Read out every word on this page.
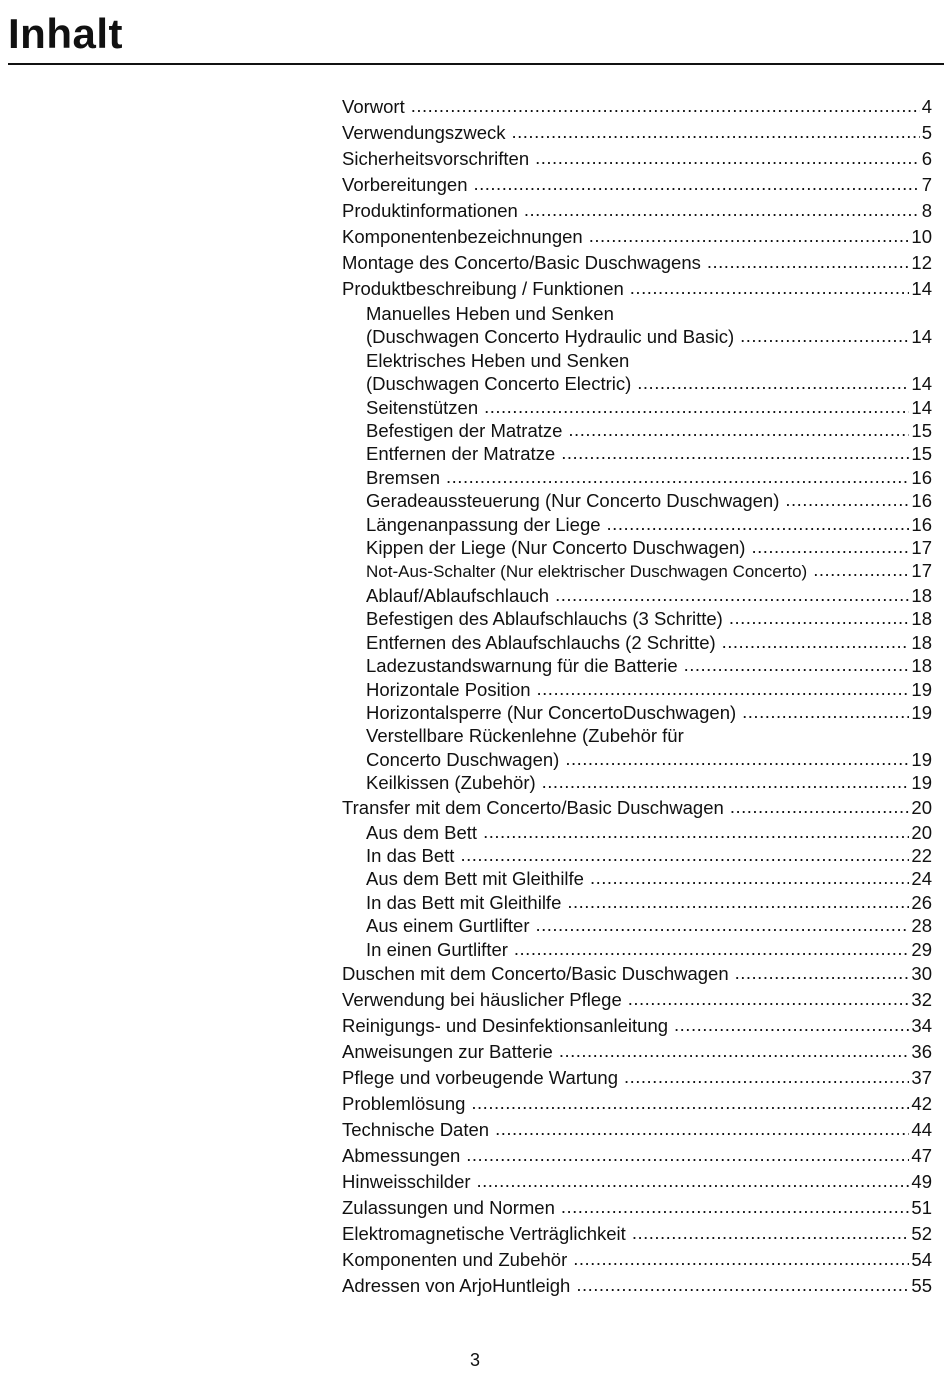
Inhalt
Vorwort .....	4
Verwendungszweck .....	5
Sicherheitsvorschriften .....	6
Vorbereitungen .....	7
Produktinformationen .....	8
Komponentenbezeichnungen .....	10
Montage des Concerto/Basic Duschwagens .....	12
Produktbeschreibung / Funktionen .....	14
Manuelles Heben und Senken
(Duschwagen Concerto Hydraulic und Basic) .....	14
Elektrisches Heben und Senken
(Duschwagen Concerto Electric) .....	14
Seitenstützen .....	14
Befestigen der Matratze .....	15
Entfernen der Matratze .....	15
Bremsen .....	16
Geradeaussteuerung (Nur Concerto Duschwagen) .....	16
Längenanpassung der Liege .....	16
Kippen der Liege (Nur Concerto Duschwagen) .....	17
Not-Aus-Schalter (Nur elektrischer Duschwagen Concerto) .....	17
Ablauf/Ablaufschlauch .....	18
Befestigen des Ablaufschlauchs (3 Schritte) .....	18
Entfernen des Ablaufschlauchs (2 Schritte) .....	18
Ladezustandswarnung für die Batterie .....	18
Horizontale Position .....	19
Horizontalsperre (Nur ConcertoDuschwagen) .....	19
Verstellbare Rückenlehne (Zubehör für
Concerto Duschwagen) .....	19
Keilkissen (Zubehör) .....	19
Transfer mit dem Concerto/Basic Duschwagen .....	20
Aus dem Bett .....	20
In das Bett .....	22
Aus dem Bett mit Gleithilfe .....	24
In das Bett mit Gleithilfe .....	26
Aus einem Gurtlifter .....	28
In einen Gurtlifter .....	29
Duschen mit dem Concerto/Basic Duschwagen .....	30
Verwendung bei häuslicher Pflege .....	32
Reinigungs- und Desinfektionsanleitung .....	34
Anweisungen zur Batterie .....	36
Pflege und vorbeugende Wartung .....	37
Problemlösung .....	42
Technische Daten .....	44
Abmessungen .....	47
Hinweisschilder .....	49
Zulassungen und Normen .....	51
Elektromagnetische Verträglichkeit .....	52
Komponenten und Zubehör .....	54
Adressen von ArjoHuntleigh .....	55
3
